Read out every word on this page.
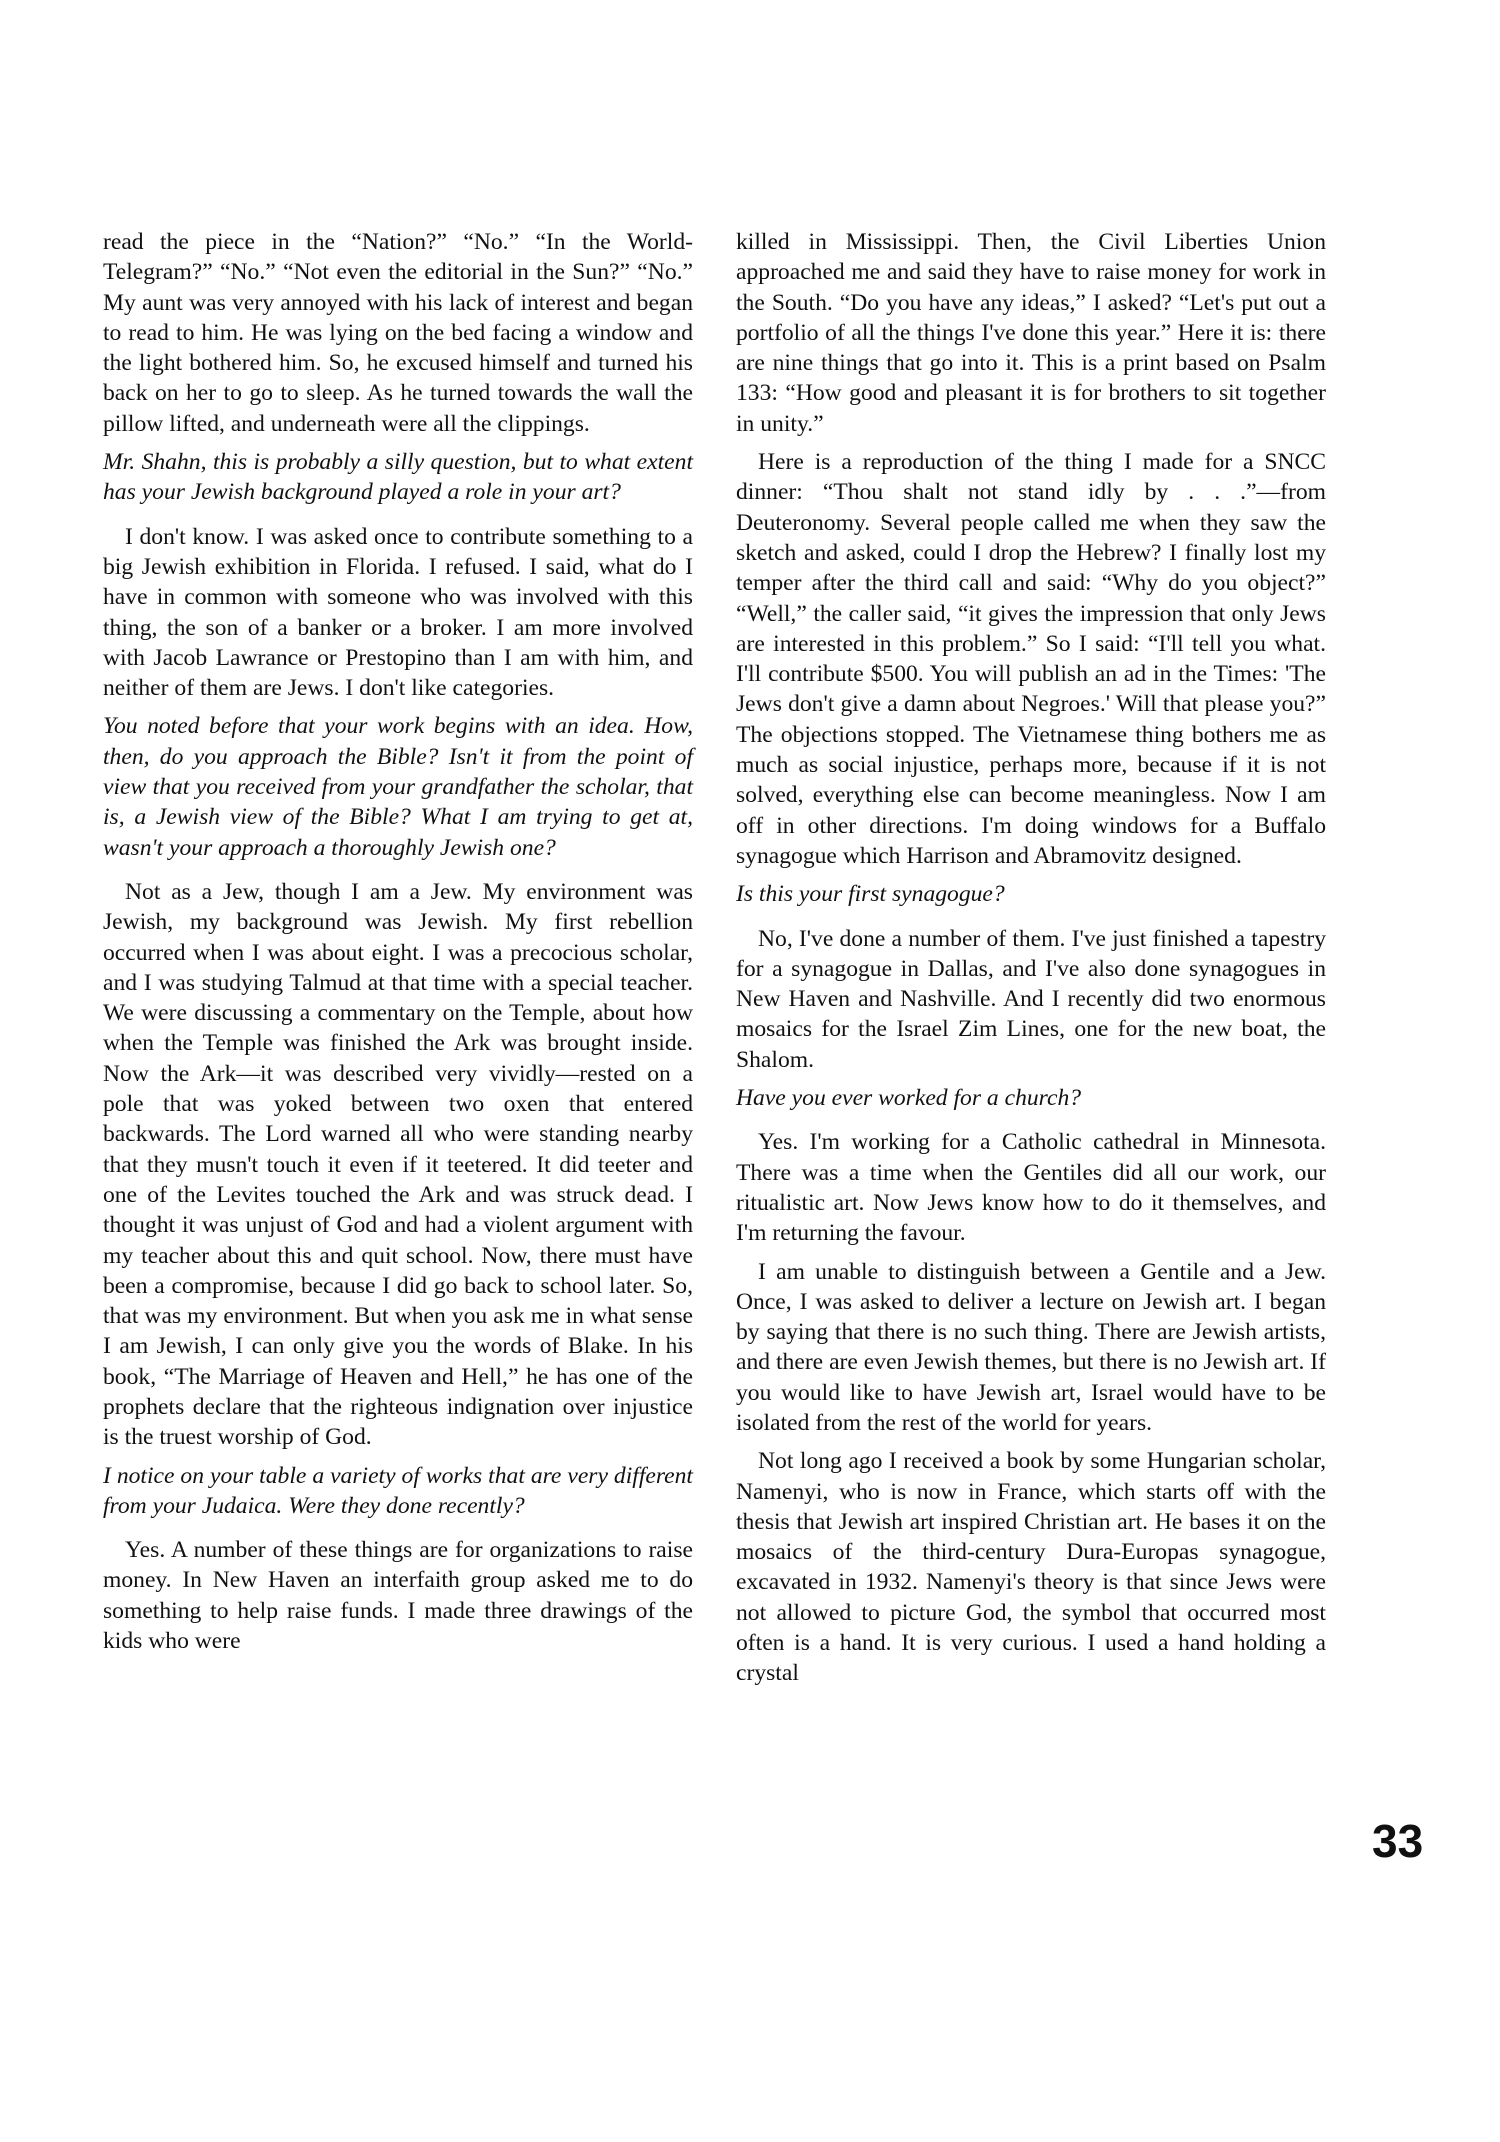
read the piece in the “Nation?” “No.” “In the World-Telegram?” “No.” “Not even the editorial in the Sun?” “No.” My aunt was very annoyed with his lack of interest and began to read to him. He was lying on the bed facing a window and the light bothered him. So, he excused himself and turned his back on her to go to sleep. As he turned towards the wall the pillow lifted, and underneath were all the clippings.

Mr. Shahn, this is probably a silly question, but to what extent has your Jewish background played a role in your art?

I don't know. I was asked once to contribute something to a big Jewish exhibition in Florida. I refused. I said, what do I have in common with someone who was involved with this thing, the son of a banker or a broker. I am more involved with Jacob Lawrance or Prestopino than I am with him, and neither of them are Jews. I don't like categories.

You noted before that your work begins with an idea. How, then, do you approach the Bible? Isn't it from the point of view that you received from your grandfather the scholar, that is, a Jewish view of the Bible? What I am trying to get at, wasn't your approach a thoroughly Jewish one?

Not as a Jew, though I am a Jew. My environment was Jewish, my background was Jewish. My first rebellion occurred when I was about eight. I was a precocious scholar, and I was studying Talmud at that time with a special teacher. We were discussing a commentary on the Temple, about how when the Temple was finished the Ark was brought inside. Now the Ark—it was described very vividly—rested on a pole that was yoked between two oxen that entered backwards. The Lord warned all who were standing nearby that they musn't touch it even if it teetered. It did teeter and one of the Levites touched the Ark and was struck dead. I thought it was unjust of God and had a violent argument with my teacher about this and quit school. Now, there must have been a compromise, because I did go back to school later. So, that was my environment. But when you ask me in what sense I am Jewish, I can only give you the words of Blake. In his book, “The Marriage of Heaven and Hell,” he has one of the prophets declare that the righteous indignation over injustice is the truest worship of God.

I notice on your table a variety of works that are very different from your Judaica. Were they done recently?

Yes. A number of these things are for organizations to raise money. In New Haven an interfaith group asked me to do something to help raise funds. I made three drawings of the kids who were

killed in Mississippi. Then, the Civil Liberties Union approached me and said they have to raise money for work in the South. “Do you have any ideas,” I asked? “Let's put out a portfolio of all the things I've done this year.” Here it is: there are nine things that go into it. This is a print based on Psalm 133: “How good and pleasant it is for brothers to sit together in unity.”

Here is a reproduction of the thing I made for a SNCC dinner: “Thou shalt not stand idly by . . .”—from Deuteronomy. Several people called me when they saw the sketch and asked, could I drop the Hebrew? I finally lost my temper after the third call and said: “Why do you object?” “Well,” the caller said, “it gives the impression that only Jews are interested in this problem.” So I said: “I'll tell you what. I'll contribute $500. You will publish an ad in the Times: 'The Jews don't give a damn about Negroes.' Will that please you?” The objections stopped. The Vietnamese thing bothers me as much as social injustice, perhaps more, because if it is not solved, everything else can become meaningless. Now I am off in other directions. I'm doing windows for a Buffalo synagogue which Harrison and Abramovitz designed.

Is this your first synagogue?

No, I've done a number of them. I've just finished a tapestry for a synagogue in Dallas, and I've also done synagogues in New Haven and Nashville. And I recently did two enormous mosaics for the Israel Zim Lines, one for the new boat, the Shalom.

Have you ever worked for a church?

Yes. I'm working for a Catholic cathedral in Minnesota. There was a time when the Gentiles did all our work, our ritualistic art. Now Jews know how to do it themselves, and I'm returning the favour.

I am unable to distinguish between a Gentile and a Jew. Once, I was asked to deliver a lecture on Jewish art. I began by saying that there is no such thing. There are Jewish artists, and there are even Jewish themes, but there is no Jewish art. If you would like to have Jewish art, Israel would have to be isolated from the rest of the world for years.

Not long ago I received a book by some Hungarian scholar, Namenyi, who is now in France, which starts off with the thesis that Jewish art inspired Christian art. He bases it on the mosaics of the third-century Dura-Europas synagogue, excavated in 1932. Namenyi's theory is that since Jews were not allowed to picture God, the symbol that occurred most often is a hand. It is very curious. I used a hand holding a crystal

33
